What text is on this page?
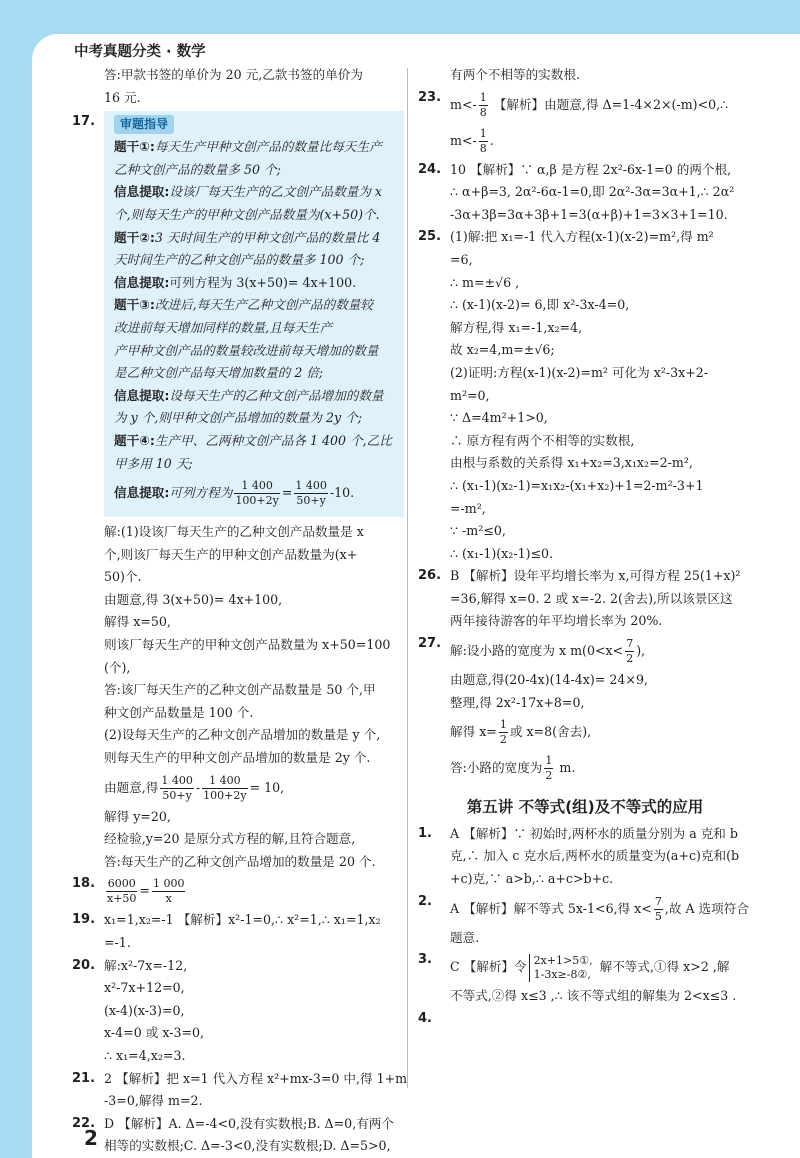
中考真题分类 · 数学
答:甲款书签的单价为 20 元,乙款书签的单价为
16 元.
17.	审题指导
题干①:每天生产甲种文创产品的数量比每天生产
乙种文创产品的数量多 50 个;
信息提取:设该厂每天生产的乙文创产品数量为 x
个,则每天生产的甲种文创产品数量为(x+50)个.
题干②:3 天时间生产的甲种文创产品的数量比 4
天时间生产的乙种文创产品的数量多 100 个;
信息提取:可列方程为 3(x+50)= 4x+100.
题干③:改进后,每天生产乙种文创产品的数量较
改进前每天增加同样的数量,且每天生产
产甲种文创产品的数量较改进前每天增加的数量
是乙种文创产品每天增加数量的 2 倍;
信息提取:设每天生产的乙种文创产品增加的数量
为 y 个,则甲种文创产品增加的数量为 2y 个;
题干④:生产甲、乙两种文创产品各 1 400 个,乙比
甲多用 10 天;
信息提取:可列方程为 $\frac{1 400}{100+2y} = \frac{1 400}{50+y} -10$.
解:(1)设该厂每天生产的乙种文创产品数量是 x
个,则该厂每天生产的甲种文创产品数量为(x+
50)个.
由题意,得 3(x+50)= 4x+100,
解得 x=50,
则该厂每天生产的甲种文创产品数量为 x+50=100
(个),
答:该厂每天生产的乙种文创产品数量是 50 个,甲
种文创产品数量是 100 个.
(2)设每天生产的乙种文创产品增加的数量是 y 个,
则每天生产的甲种文创产品增加的数量是 2y 个.
由题意,得 $\frac{1 400}{50+y} - \frac{1 400}{100+2y} = 10$,
解得 y=20,
经检验,y=20 是原分式方程的解,且符合题意,
答:每天生产的乙种文创产品增加的数量是 20 个.
18. $\frac{6000}{x+50} = \frac{1 000}{x}$
19. x₁=1,x₂=-1 【解析】x²-1=0,∴ x²=1,∴ x₁=1,x₂
=-1.
20. 解:x²-7x=-12,
x²-7x+12=0,
(x-4)(x-3)=0,
x-4=0 或 x-3=0,
∴ x₁=4,x₂=3.
21. 2 【解析】把 x=1 代入方程 x²+mx-3=0 中,得 1+m
-3=0,解得 m=2.
22. D 【解析】A. Δ=-4<0,没有实数根;B. Δ=0,有两个
相等的实数根;C. Δ=-3<0,没有实数根;D. Δ=5>0,
有两个不相等的实数根.
23. $m<- \frac{1}{8}$ 【解析】由题意,得 Δ=1-4×2×(-m)<0,∴
$m<- \frac{1}{8}$ .
24. 10 【解析】∵ α,β 是方程 2x²-6x-1=0 的两个根,
∴ α+β=3, 2α²-6α-1=0,即 2α²-3α=3α+1,∴ 2α²
-3α+3β=3α+3β+1=3(α+β)+1=3×3+1=10.
25. (1)解:把 x₁=-1 代入方程(x-1)(x-2)=m²,得 m²
=6,
∴ m=±√6 ,
∴ (x-1)(x-2)= 6,即 x²-3x-4=0,
解方程,得 x₁=-1,x₂=4,
故 x₂=4,m=±√6;
(2)证明:方程(x-1)(x-2)=m² 可化为 x²-3x+2-
m²=0,
∵ Δ=4m²+1>0,
∴ 原方程有两个不相等的实数根,
由根与系数的关系得 x₁+x₂=3,x₁x₂=2-m²,
∴ (x₁-1)(x₂-1)=x₁x₂-(x₁+x₂)+1=2-m²-3+1
=-m²,
∵ -m²≤0,
∴ (x₁-1)(x₂-1)≤0.
26. B 【解析】设年平均增长率为 x,可得方程 25(1+x)²
=36,解得 x=0. 2 或 x=-2. 2(舍去),所以该景区这
两年接待游客的年平均增长率为 20%.
27. 解:设小路的宽度为 x $m(0<x< \frac{7}{2}$ ),
由题意,得(20-4x)(14-4x)= 24×9,
整理,得 2x²-17x+8=0,
解得 $x= \frac{1}{2}$ 或 x=8(舍去),
答:小路的宽度为 $\frac{1}{2} m$.
第五讲 不等式(组)及不等式的应用
1. A 【解析】∵ 初始时,两杯水的质量分别为 a 克和 b
克,∴ 加入 c 克水后,两杯水的质量变为(a+c)克和(b
+c)克,∵ a>b,∴ a+c>b+c.
2. A 【解析】解不等式 5x-1<6,得 $x< \frac{7}{5}$ ,故 A 选项符合
题意.
3. C 【解析】令 2x+1>5①,
1-3x≥-8②, 解不等式,①得 x>2 ,解
不等式,②得 x≤3 ,∴ 该不等式组的解集为 2<x≤3 .
4.

2
